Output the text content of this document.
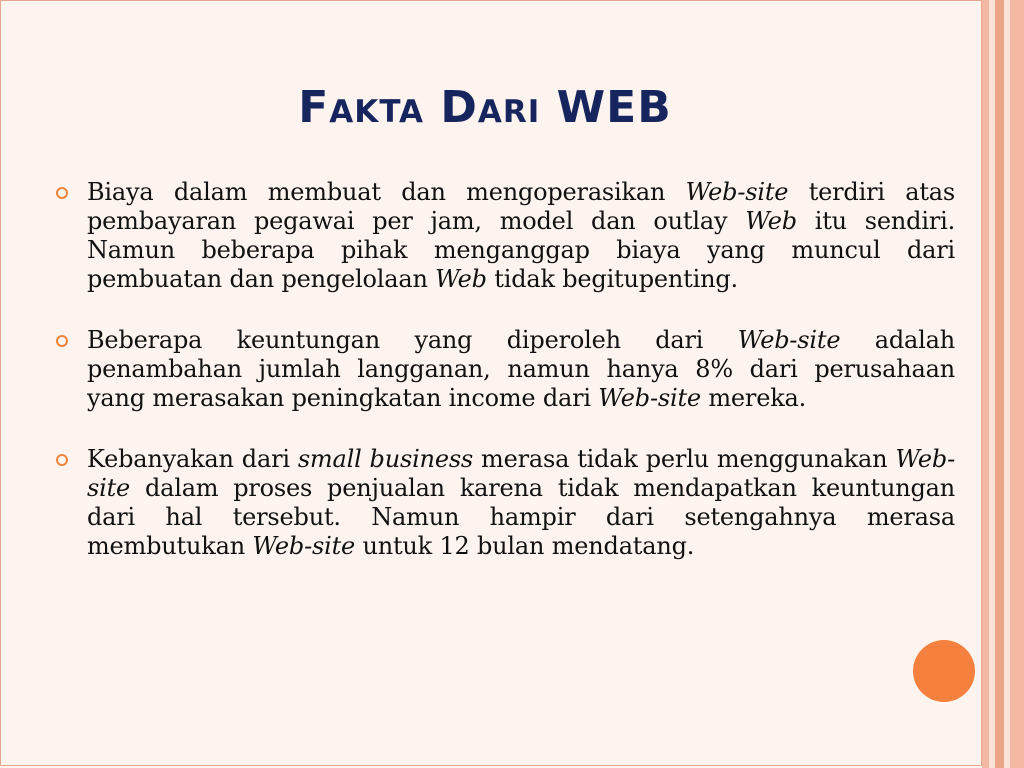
Fakta Dari WEB
Biaya dalam membuat dan mengoperasikan Web-site terdiri atas pembayaran pegawai per jam, model dan outlay Web itu sendiri. Namun beberapa pihak menganggap biaya yang muncul dari pembuatan dan pengelolaan Web tidak begitupenting.
Beberapa keuntungan yang diperoleh dari Web-site adalah penambahan jumlah langganan, namun hanya 8% dari perusahaan yang merasakan peningkatan income dari Web-site mereka.
Kebanyakan dari small business merasa tidak perlu menggunakan Web-site dalam proses penjualan karena tidak mendapatkan keuntungan dari hal tersebut. Namun hampir dari setengahnya merasa membutukan Web-site untuk 12 bulan mendatang.
